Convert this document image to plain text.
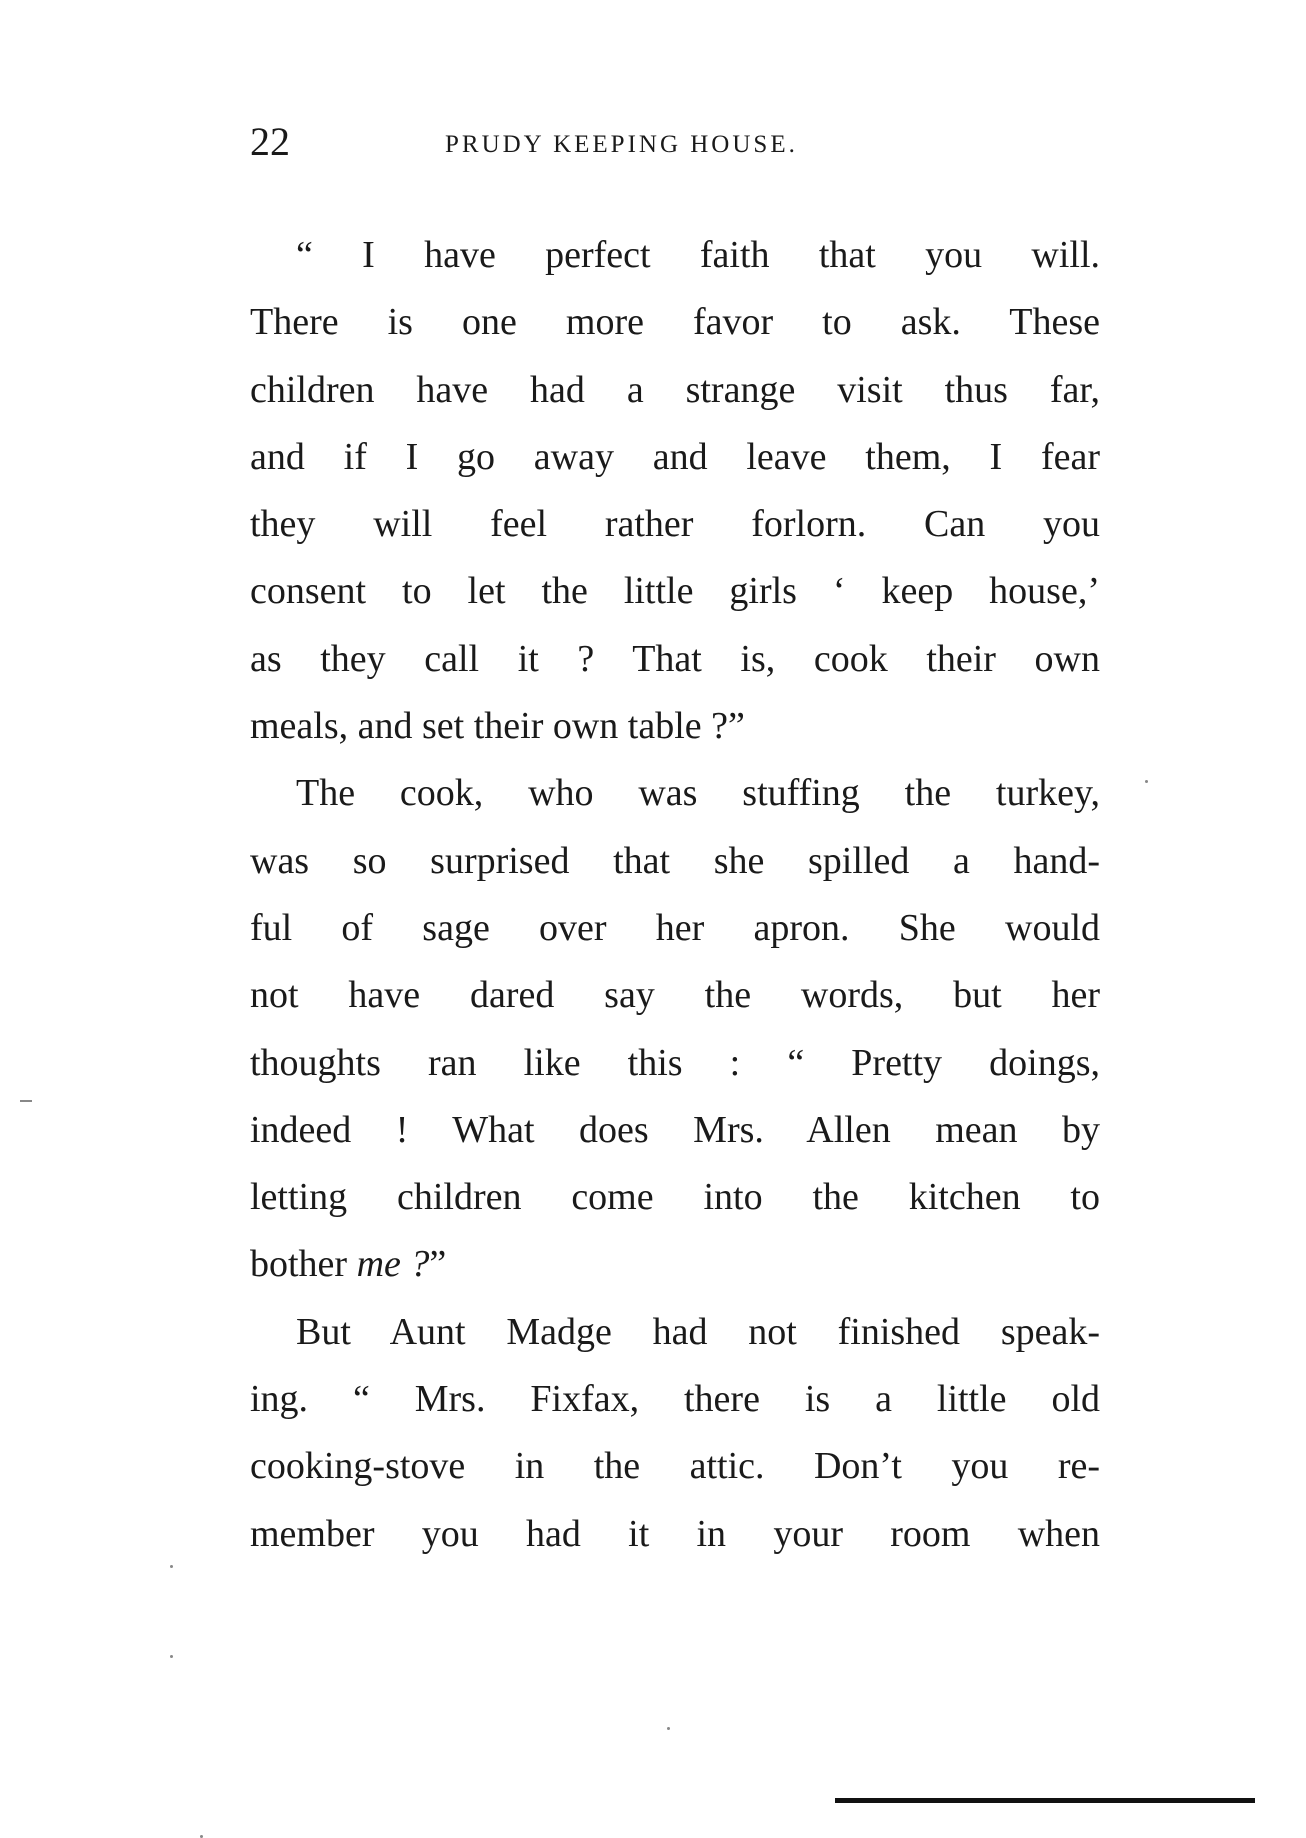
22	PRUDY KEEPING HOUSE.
“ I have perfect faith that you will.
There is one more favor to ask. These
children have had a strange visit thus far,
and if I go away and leave them, I fear
they will feel rather forlorn. Can you
consent to let the little girls ‘ keep house,’
as they call it ? That is, cook their own
meals, and set their own table ?”
The cook, who was stuffing the turkey,
was so surprised that she spilled a hand-
ful of sage over her apron. She would
not have dared say the words, but her
thoughts ran like this : “ Pretty doings,
indeed ! What does Mrs. Allen mean by
letting children come into the kitchen to
bother me ?”
But Aunt Madge had not finished speak-
ing. “ Mrs. Fixfax, there is a little old
cooking-stove in the attic. Don’t you re-
member you had it in your room when
